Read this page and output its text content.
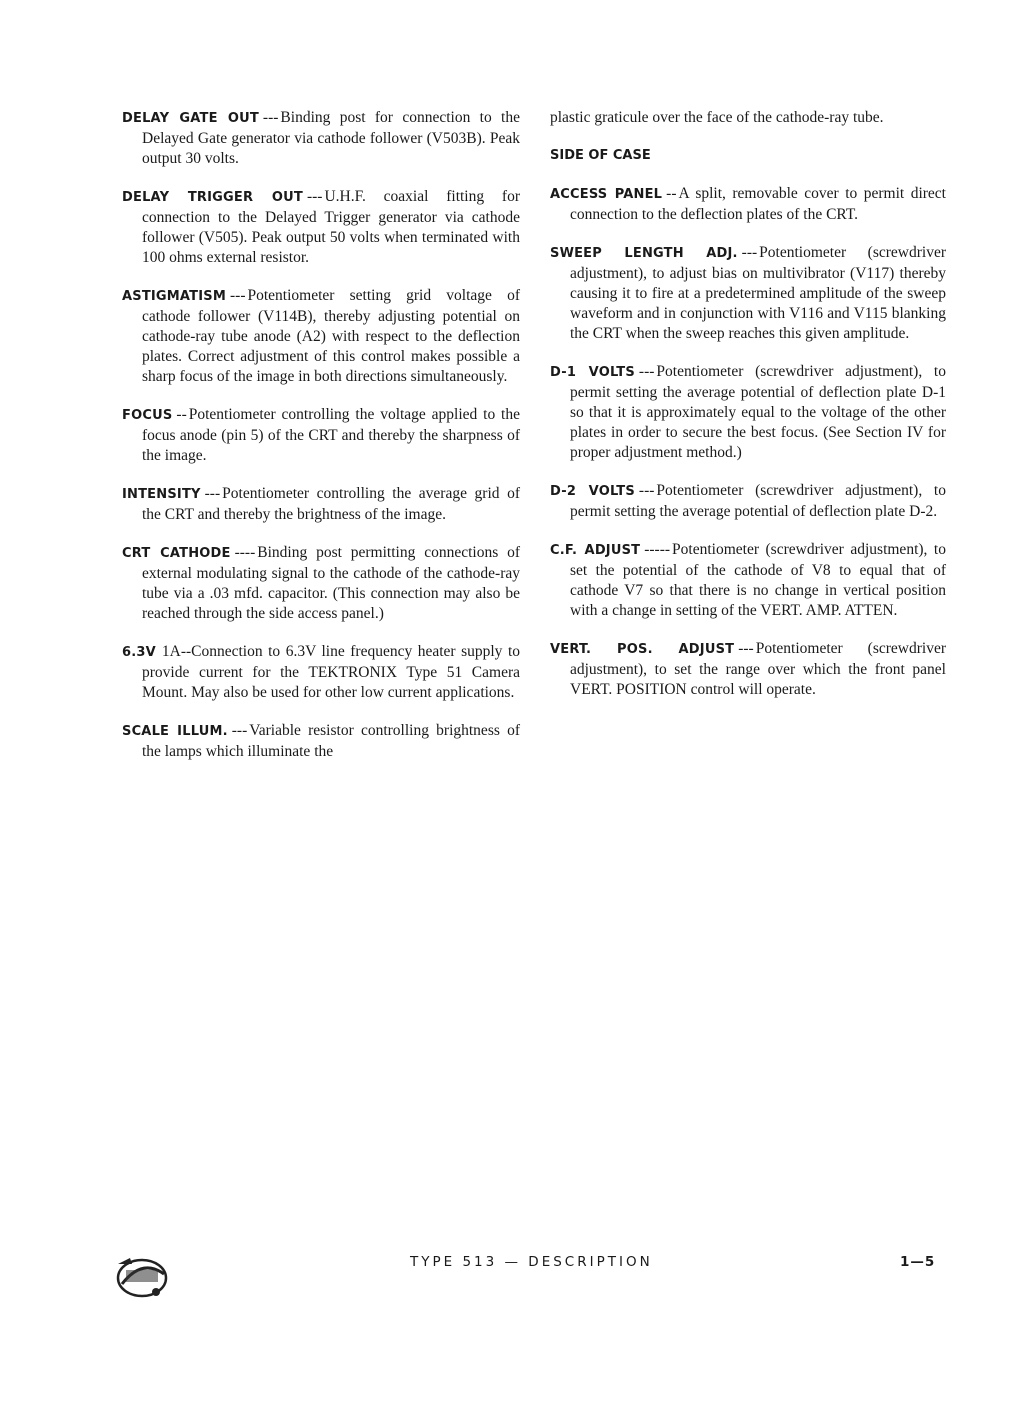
DELAY GATE OUT --- Binding post for connection to the Delayed Gate generator via cathode follower (V503B). Peak output 30 volts.

DELAY TRIGGER OUT --- U.H.F. coaxial fitting for connection to the Delayed Trigger generator via cathode follower (V505). Peak output 50 volts when terminated with 100 ohms external resistor.

ASTIGMATISM --- Potentiometer setting grid voltage of cathode follower (V114B), thereby adjusting potential on cathode-ray tube anode (A2) with respect to the deflection plates. Correct adjustment of this control makes possible a sharp focus of the image in both directions simultaneously.

FOCUS -- Potentiometer controlling the voltage applied to the focus anode (pin 5) of the CRT and thereby the sharpness of the image.

INTENSITY --- Potentiometer controlling the average grid of the CRT and thereby the brightness of the image.

CRT CATHODE ---- Binding post permitting connections of external modulating signal to the cathode of the cathode-ray tube via a .03 mfd. capacitor. (This connection may also be reached through the side access panel.)

6.3V 1A--Connection to 6.3V line frequency heater supply to provide current for the TEKTRONIX Type 51 Camera Mount. May also be used for other low current applications.

SCALE ILLUM. --- Variable resistor controlling brightness of the lamps which illuminate the

plastic graticule over the face of the cathode-ray tube.

SIDE OF CASE

ACCESS PANEL -- A split, removable cover to permit direct connection to the deflection plates of the CRT.

SWEEP LENGTH ADJ. --- Potentiometer (screwdriver adjustment), to adjust bias on multivibrator (V117) thereby causing it to fire at a predetermined amplitude of the sweep waveform and in conjunction with V116 and V115 blanking the CRT when the sweep reaches this given amplitude.

D-1 VOLTS --- Potentiometer (screwdriver adjustment), to permit setting the average potential of deflection plate D-1 so that it is approximately equal to the voltage of the other plates in order to secure the best focus. (See Section IV for proper adjustment method.)

D-2 VOLTS --- Potentiometer (screwdriver adjustment), to permit setting the average potential of deflection plate D-2.

C.F. ADJUST ----- Potentiometer (screwdriver adjustment), to set the potential of the cathode of V8 to equal that of cathode V7 so that there is no change in vertical position with a change in setting of the VERT. AMP. ATTEN.

VERT. POS. ADJUST --- Potentiometer (screwdriver adjustment), to set the range over which the front panel VERT. POSITION control will operate.

TYPE 513 — DESCRIPTION	1—5
